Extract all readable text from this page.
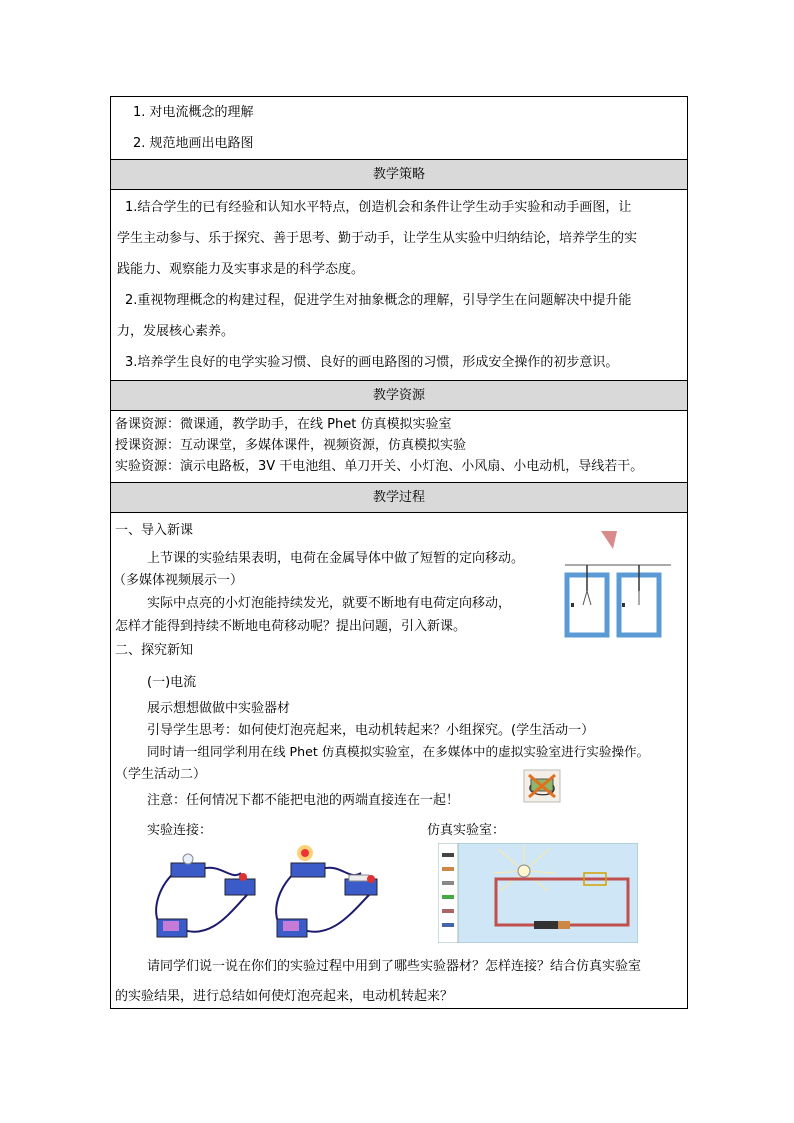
1. 对电流概念的理解
2. 规范地画出电路图
教学策略

1.结合学生的已有经验和认知水平特点，创造机会和条件让学生动手实验和动手画图，让

学生主动参与、乐于探究、善于思考、勤于动手，让学生从实验中归纳结论，培养学生的实

践能力、观察能力及实事求是的科学态度。

2.重视物理概念的构建过程，促进学生对抽象概念的理解，引导学生在问题解决中提升能

力，发展核心素养。

3.培养学生良好的电学实验习惯、良好的画电路图的习惯，形成安全操作的初步意识。

教学资源

备课资源：微课通，教学助手，在线 Phet 仿真模拟实验室

授课资源：互动课堂，多媒体课件，视频资源，仿真模拟实验

实验资源：演示电路板，3V 干电池组、单刀开关、小灯泡、小风扇、小电动机，导线若干。

教学过程
一、导入新课
上节课的实验结果表明，电荷在金属导体中做了短暂的定向移动。
（多媒体视频展示一）
实际中点亮的小灯泡能持续发光，就要不断地有电荷定向移动，
怎样才能得到持续不断地电荷移动呢？提出问题，引入新课。
二、探究新知
(一)电流
展示想想做做中实验器材
引导学生思考：如何使灯泡亮起来，电动机转起来？小组探究。(学生活动一）
同时请一组同学利用在线 Phet 仿真模拟实验室，在多媒体中的虚拟实验室进行实验操作。
（学生活动二）
注意：任何情况下都不能把电池的两端直接连在一起！
实验连接：	仿真实验室：
请同学们说一说在你们的实验过程中用到了哪些实验器材？怎样连接？结合仿真实验室
的实验结果，进行总结如何使灯泡亮起来，电动机转起来？
